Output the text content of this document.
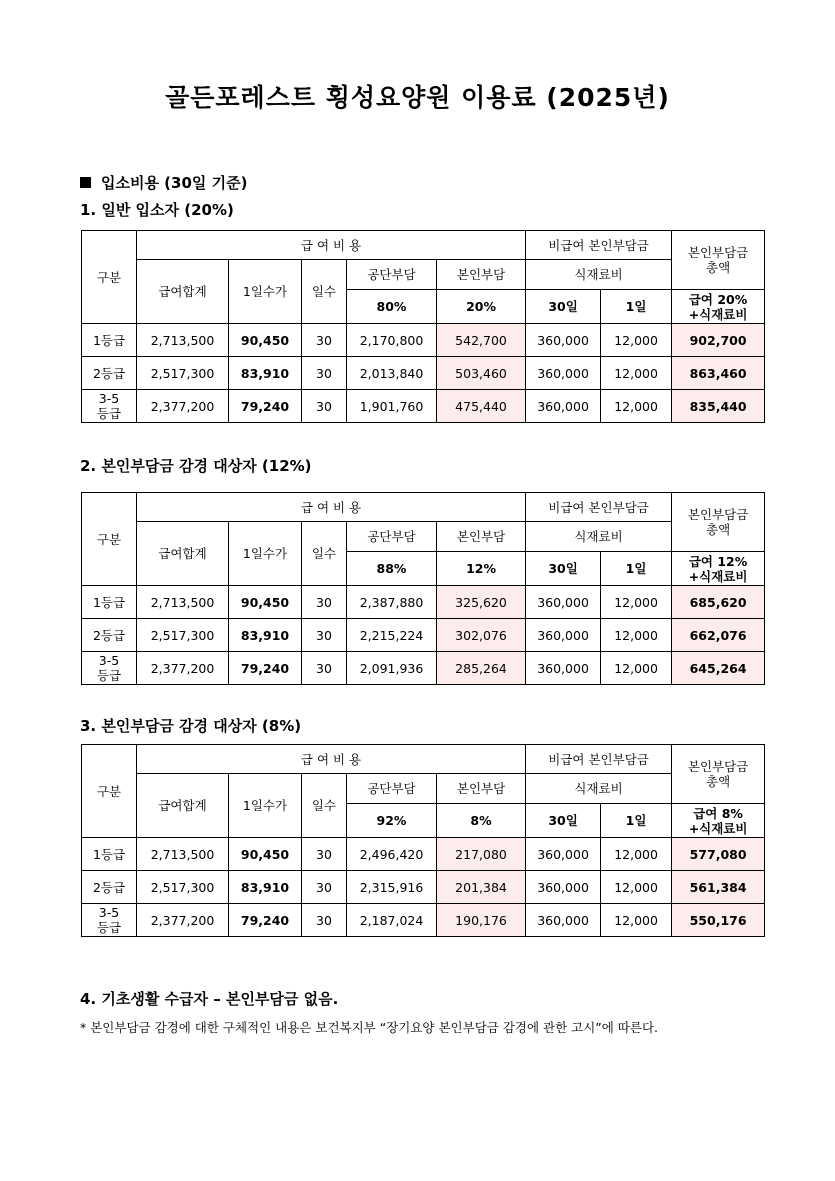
골든포레스트 횡성요양원 이용료 (2025년)
입소비용 (30일 기준)
1. 일반 입소자 (20%)
2. 본인부담금 감경 대상자 (12%)
3. 본인부담금 감경 대상자 (8%)
구분	급 여 비 용					비급여 본인부담금		본인부담금
총액

	급여합계	1일수가	일수	공단부담	본인부담	식재료비		
				80%	20%	30일	1일	급여 20%
+식재료비

1등급	2,713,500	90,450	30	2,170,800	542,700	360,000	12,000	902,700
2등급	2,517,300	83,910	30	2,013,840	503,460	360,000	12,000	863,460

3-5
등급	2,377,200	79,240	30	1,901,760	475,440	360,000	12,000	835,440
구분	급 여 비 용					비급여 본인부담금		본인부담금
총액

	급여합계	1일수가	일수	공단부담	본인부담	식재료비		
				88%	12%	30일	1일	급여 12%
+식재료비

1등급	2,713,500	90,450	30	2,387,880	325,620	360,000	12,000	685,620
2등급	2,517,300	83,910	30	2,215,224	302,076	360,000	12,000	662,076

3-5
등급	2,377,200	79,240	30	2,091,936	285,264	360,000	12,000	645,264
구분	급 여 비 용					비급여 본인부담금		본인부담금
총액

	급여합계	1일수가	일수	공단부담	본인부담	식재료비		
				92%	8%	30일	1일	급여 8%
+식재료비

1등급	2,713,500	90,450	30	2,496,420	217,080	360,000	12,000	577,080
2등급	2,517,300	83,910	30	2,315,916	201,384	360,000	12,000	561,384

3-5
등급	2,377,200	79,240	30	2,187,024	190,176	360,000	12,000	550,176
4. 기초생활 수급자 – 본인부담금 없음.
* 본인부담금 감경에 대한 구체적인 내용은 보건복지부 “장기요양 본인부담금 감경에 관한 고시”에 따른다.
